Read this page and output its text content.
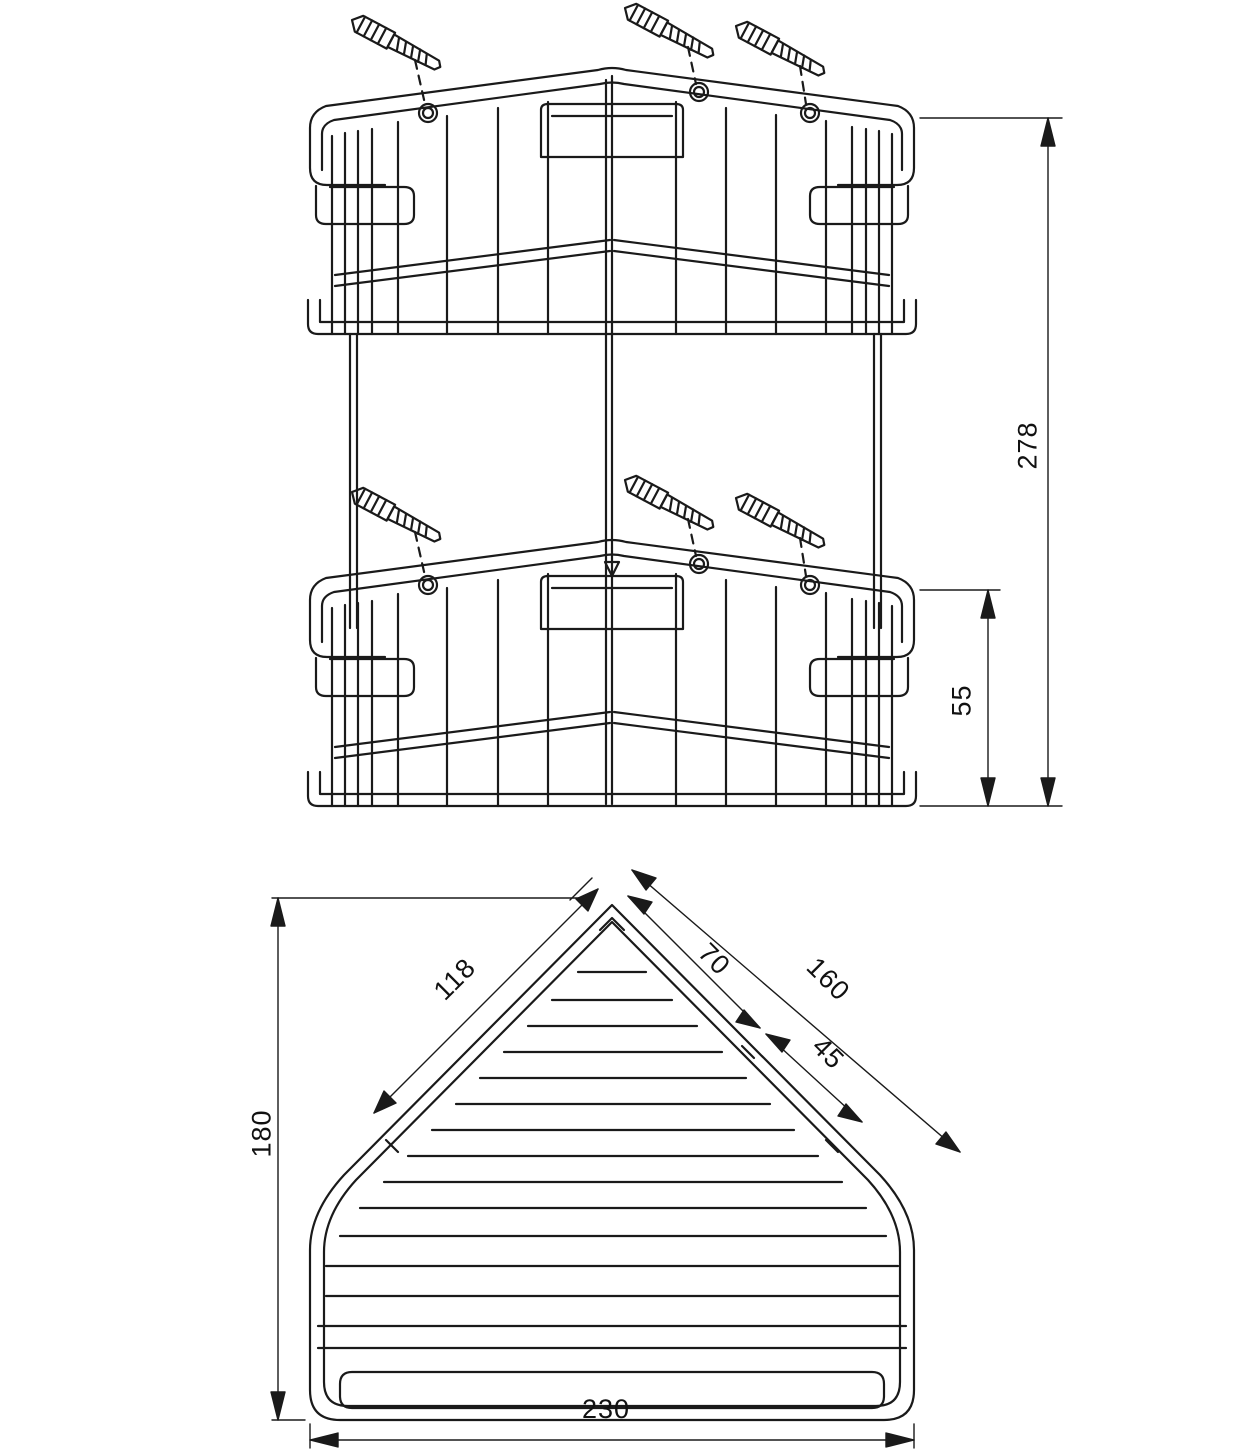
278
55
180
230
118	160
70
45
